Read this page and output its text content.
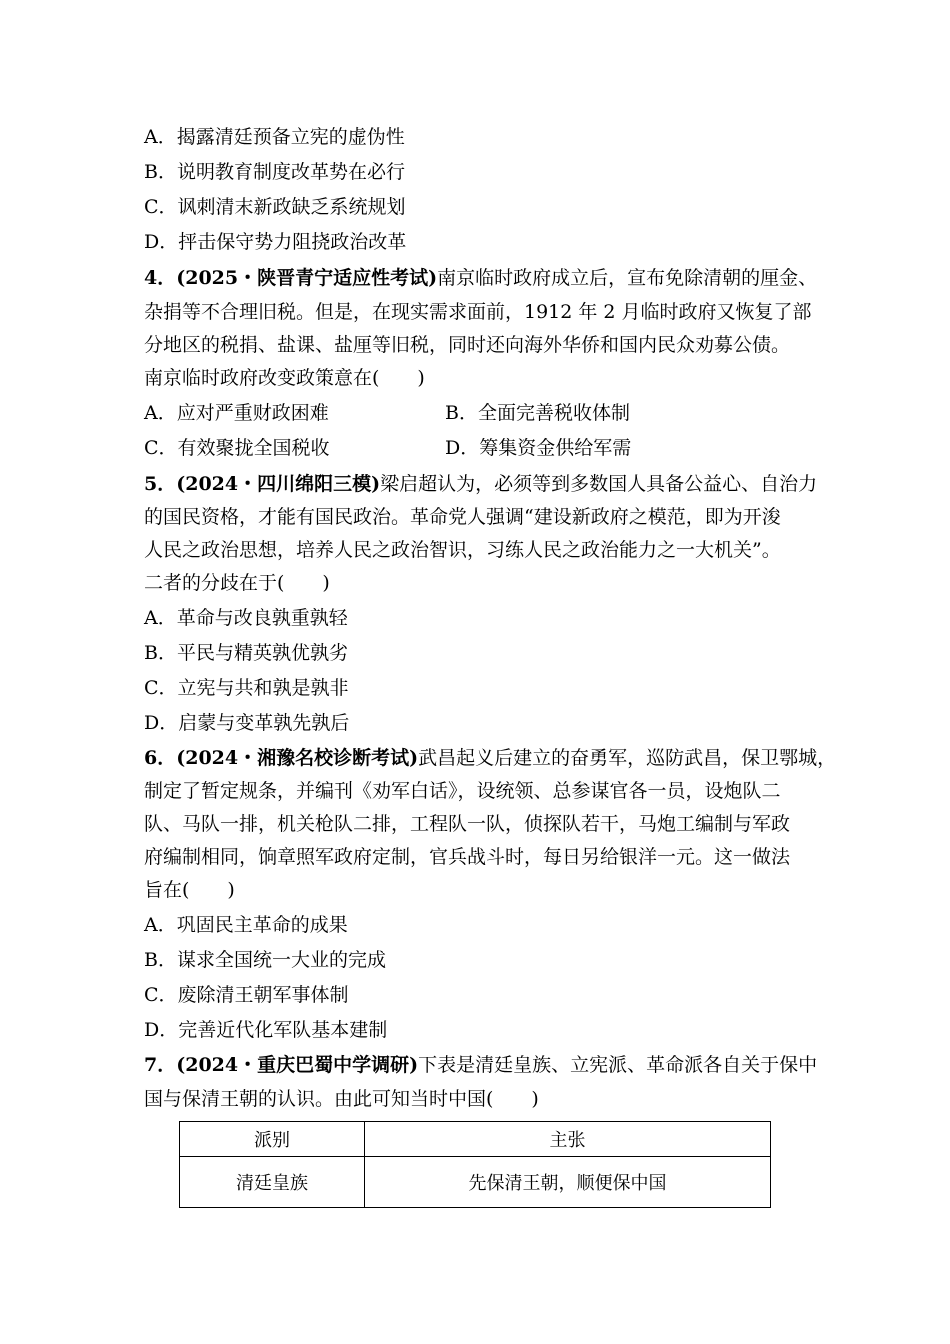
A．揭露清廷预备立宪的虚伪性
B．说明教育制度改革势在必行
C．讽刺清末新政缺乏系统规划
D．抨击保守势力阻挠政治改革
4．(2025・陕晋青宁适应性考试)南京临时政府成立后，宣布免除清朝的厘金、
杂捐等不合理旧税。但是，在现实需求面前，1912 年 2 月临时政府又恢复了部
分地区的税捐、盐课、盐厘等旧税，同时还向海外华侨和国内民众劝募公债。
南京临时政府改变政策意在(　　)
A．应对严重财政困难	B．全面完善税收体制
C．有效聚拢全国税收	D．筹集资金供给军需
5．(2024・四川绵阳三模)梁启超认为，必须等到多数国人具备公益心、自治力
的国民资格，才能有国民政治。革命党人强调“建设新政府之模范，即为开浚
人民之政治思想，培养人民之政治智识，习练人民之政治能力之一大机关”。
二者的分歧在于(　　)
A．革命与改良孰重孰轻
B．平民与精英孰优孰劣
C．立宪与共和孰是孰非
D．启蒙与变革孰先孰后
6．(2024・湘豫名校诊断考试)武昌起义后建立的奋勇军，巡防武昌，保卫鄂城，
制定了暂定规条，并编刊《劝军白话》，设统领、总参谋官各一员，设炮队二
队、马队一排，机关枪队二排，工程队一队，侦探队若干，马炮工编制与军政
府编制相同，饷章照军政府定制，官兵战斗时，每日另给银洋一元。这一做法
旨在(　　)
A．巩固民主革命的成果
B．谋求全国统一大业的完成
C．废除清王朝军事体制
D．完善近代化军队基本建制
7．(2024・重庆巴蜀中学调研)下表是清廷皇族、立宪派、革命派各自关于保中
国与保清王朝的认识。由此可知当时中国(　　)
派别	主张
清廷皇族	先保清王朝，顺便保中国
